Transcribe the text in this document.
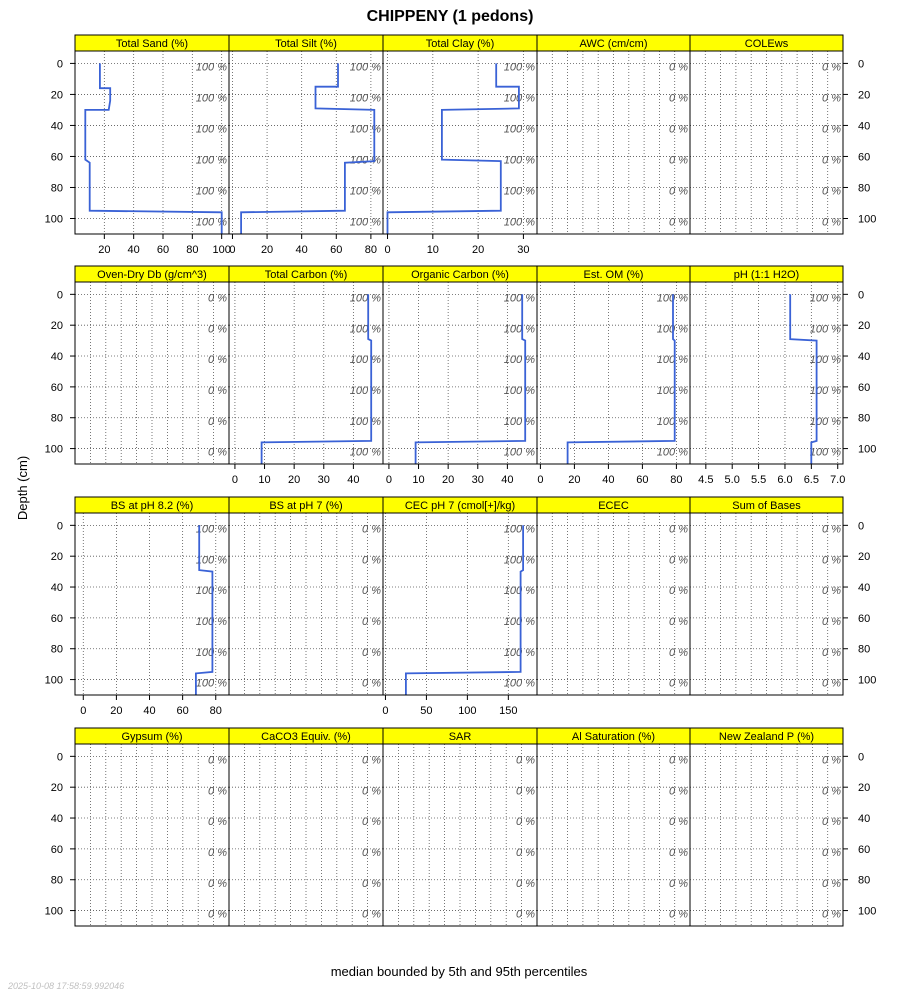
CHIPPENY (1 pedons)
Depth (cm)
median bounded by 5th and 95th percentiles
2025-10-08 17:58:59.992046
Total Sand (%)
100 %
100 %
100 %
100 %
100 %
100 %
20 40 60 80 100
0
20
40
60
80
100
Total Silt (%)
100 %
100 %
100 %
100 %
100 %
100 %
0 20 40 60 80
Total Clay (%)
100 %
100 %
100 %
100 %
100 %
100 %
0	10	20	30
AWC (cm/cm)
0 %
0 %
0 %
0 %
0 %
0 %
COLEws
0 %
0 %
0 %
0 %
0 %
0 %
0
20
40
60
80
100
Oven-Dry Db (g/cm^3)
0 %
0 %
0 %
0 %
0 %
0 %
0
20
40
60
80
100
Total Carbon (%)
100 %
100 %
100 %
100 %
100 %
100 %
0 10 20 30 40
Organic Carbon (%)
100 %
100 %
100 %
100 %
100 %
100 %
0 10 20 30 40
Est. OM (%)
100 %
100 %
100 %
100 %
100 %
100 %
0 20 40 60 80
pH (1:1 H2O)
100 %
100 %
100 %
100 %
100 %
100 %
4.5 5.0 5.5 6.0 6.5 7.0
0
20
40
60
80
100
BS at pH 8.2 (%)
100 %
100 %
100 %
100 %
100 %
100 %
0 20 40 60 80
0
20
40
60
80
100
BS at pH 7 (%)
0 %
0 %
0 %
0 %
0 %
0 %
CEC pH 7 (cmol[+]/kg)
100 %
100 %
100 %
100 %
100 %
100 %
0	50 100 150
ECEC
0 %
0 %
0 %
0 %
0 %
0 %
Sum of Bases
0 %
0 %
0 %
0 %
0 %
0 %
0
20
40
60
80
100
Gypsum (%)
0 %
0 %
0 %
0 %
0 %
0 %
0
20
40
60
80
100
CaCO3 Equiv. (%)
0 %
0 %
0 %
0 %
0 %
0 %
SAR
0 %
0 %
0 %
0 %
0 %
0 %
Al Saturation (%)
0 %
0 %
0 %
0 %
0 %
0 %
New Zealand P (%)
0 %
0 %
0 %
0 %
0 %
0 %
0
20
40
60
80
100
